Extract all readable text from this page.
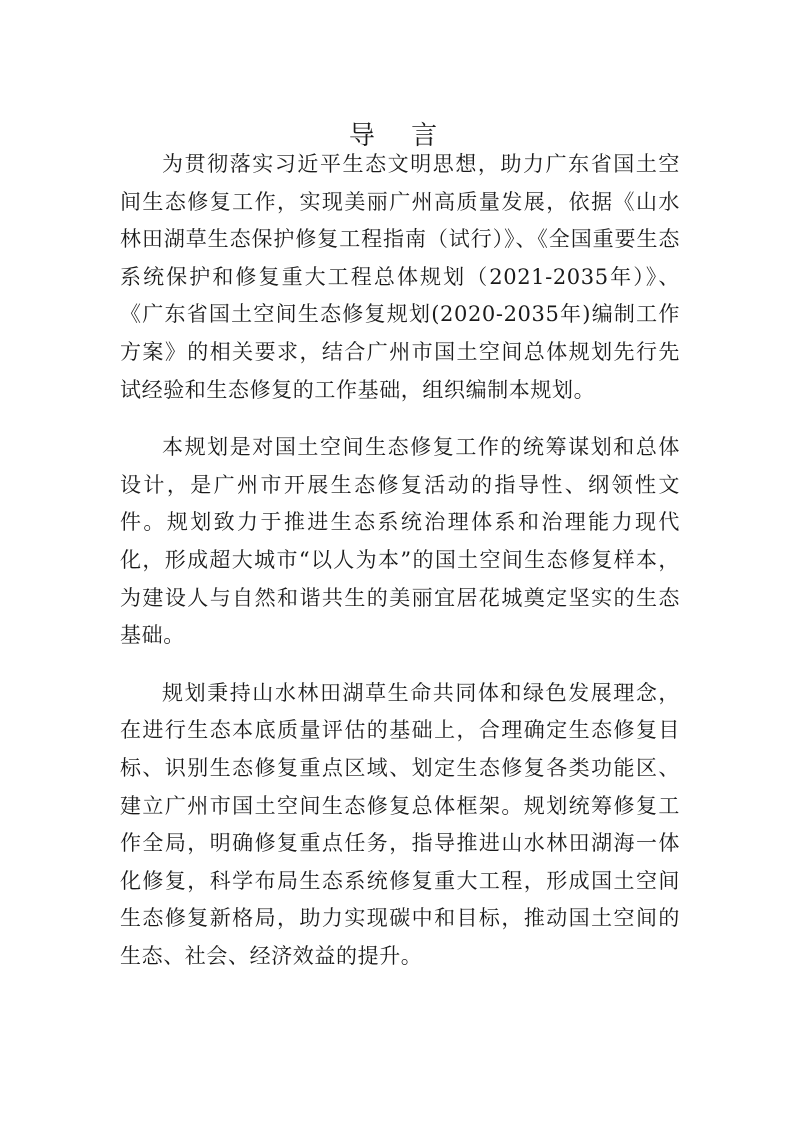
导 言

为贯彻落实习近平生态文明思想，助力广东省国土空间生态修复工作，实现美丽广州高质量发展，依据《山水林田湖草生态保护修复工程指南（试行）》、《全国重要生态系统保护和修复重大工程总体规划（2021-2035年）》、《广东省国土空间生态修复规划(2020-2035年)编制工作方案》的相关要求，结合广州市国土空间总体规划先行先试经验和生态修复的工作基础，组织编制本规划。

本规划是对国土空间生态修复工作的统筹谋划和总体设计，是广州市开展生态修复活动的指导性、纲领性文件。规划致力于推进生态系统治理体系和治理能力现代化，形成超大城市“以人为本”的国土空间生态修复样本，为建设人与自然和谐共生的美丽宜居花城奠定坚实的生态基础。

规划秉持山水林田湖草生命共同体和绿色发展理念，在进行生态本底质量评估的基础上，合理确定生态修复目标、识别生态修复重点区域、划定生态修复各类功能区、建立广州市国土空间生态修复总体框架。规划统筹修复工作全局，明确修复重点任务，指导推进山水林田湖海一体化修复，科学布局生态系统修复重大工程，形成国土空间生态修复新格局，助力实现碳中和目标，推动国土空间的生态、社会、经济效益的提升。
